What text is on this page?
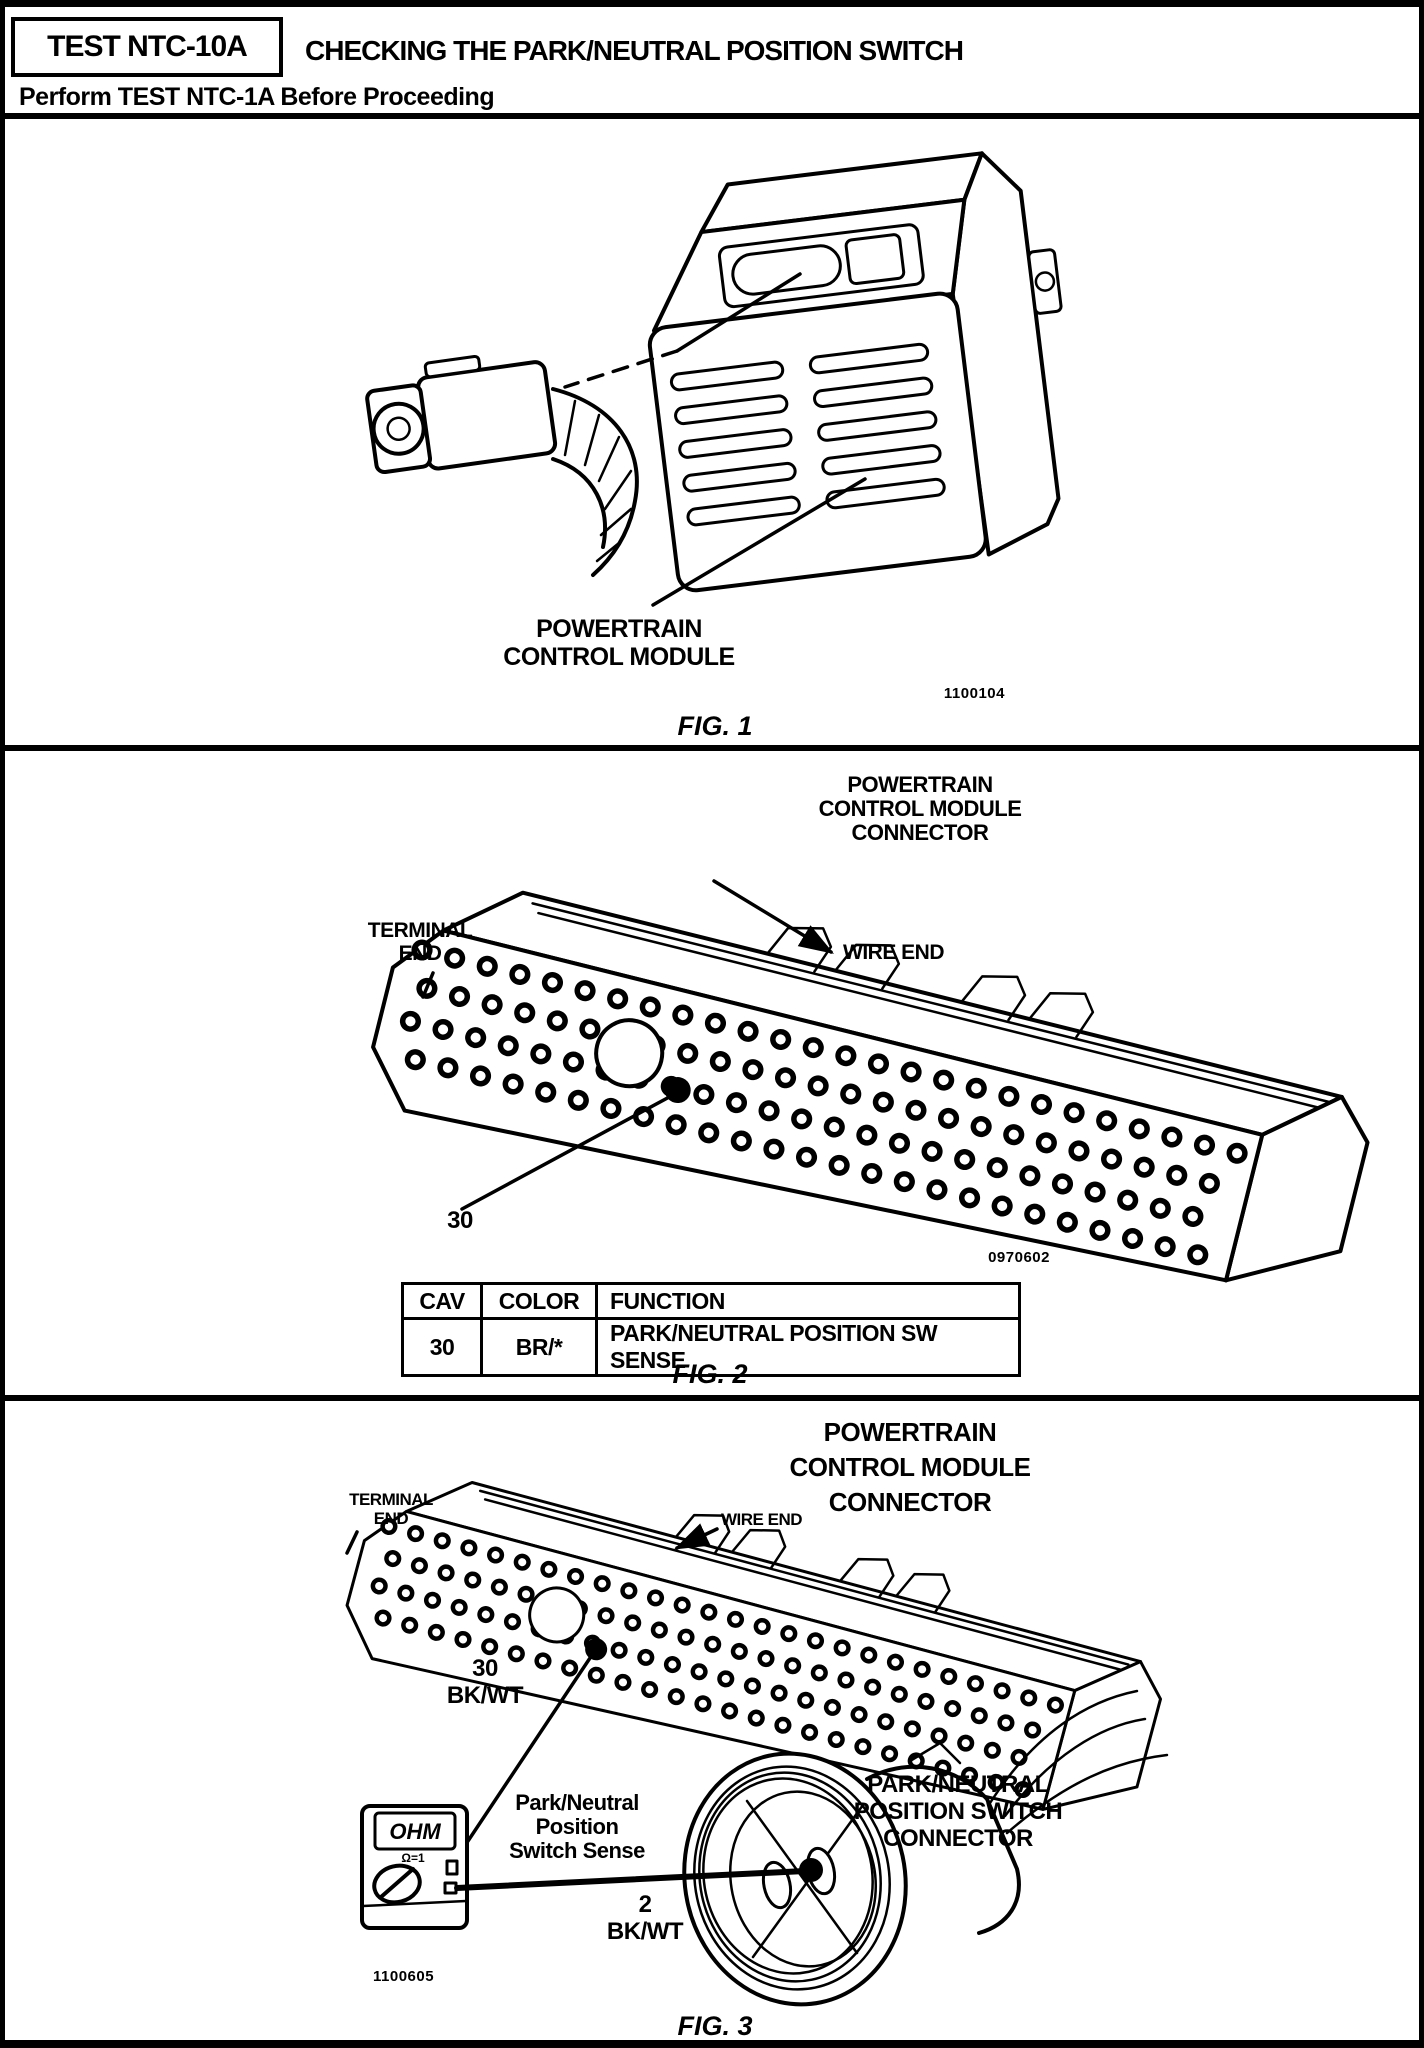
TEST NTC-10A CHECKING THE PARK/NEUTRAL POSITION SWITCH
Perform TEST NTC-1A Before Proceeding
POWERTRAIN
CONTROL MODULE
1100104
FIG. 1
POWERTRAIN
CONTROL MODULE
CONNECTOR
TERMINAL
END	WIRE END
30
0970602
CAV	COLOR	FUNCTION
30	BR/*	PARK/NEUTRAL POSITION SW SENSE
FIG. 2
OHM
Ω=1
POWERTRAIN
CONTROL MODULE
CONNECTOR
TERMINAL
END	WIRE END
30
BK/WT
PARK/NEUTRAL
POSITION SWITCH
CONNECTOR
Park/Neutral
Position
Switch Sense
2
BK/WT
1100605
FIG. 3
